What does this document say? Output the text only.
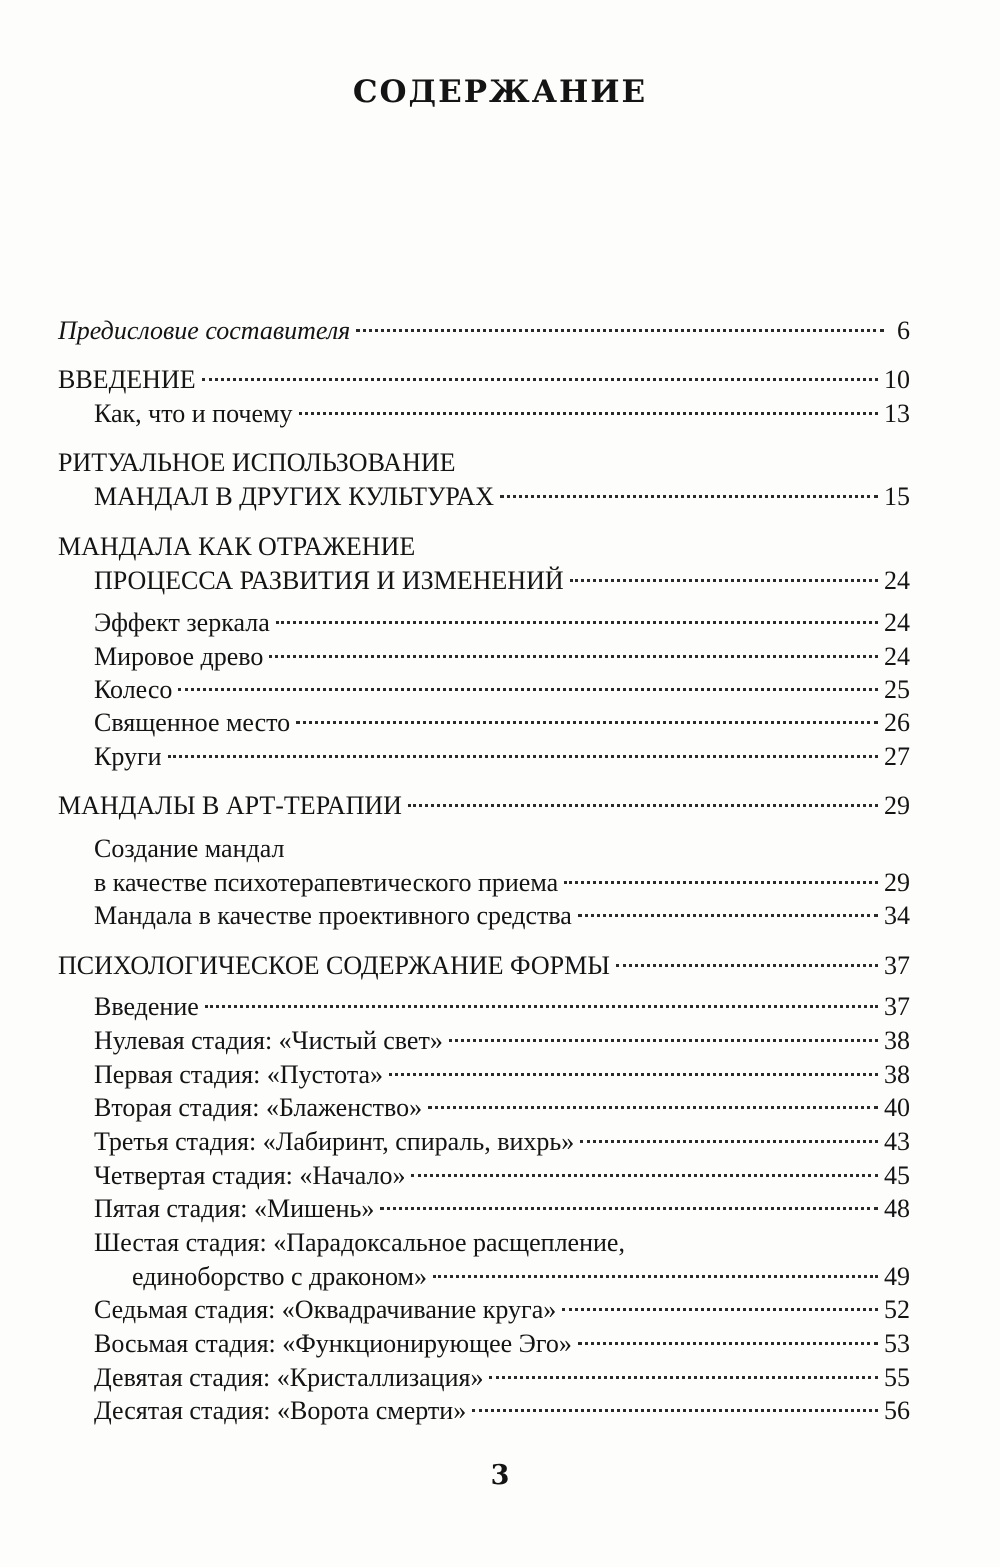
СОДЕРЖАНИЕ
Предисловие составителя	6
ВВЕДЕНИЕ	10
Как, что и почему	13
РИТУАЛЬНОЕ ИСПОЛЬЗОВАНИЕ
МАНДАЛ В ДРУГИХ КУЛЬТУРАХ	15
МАНДАЛА КАК ОТРАЖЕНИЕ
ПРОЦЕССА РАЗВИТИЯ И ИЗМЕНЕНИЙ	24
Эффект зеркала	24
Мировое древо	24
Колесо	25
Священное место	26
Круги	27
МАНДАЛЫ В АРТ-ТЕРАПИИ	29
Создание мандал
в качестве психотерапевтического приема	29
Мандала в качестве проективного средства	34
ПСИХОЛОГИЧЕСКОЕ СОДЕРЖАНИЕ ФОРМЫ	37
Введение	37
Нулевая стадия: «Чистый свет»	38
Первая стадия: «Пустота»	38
Вторая стадия: «Блаженство»	40
Третья стадия: «Лабиринт, спираль, вихрь»	43
Четвертая стадия: «Начало»	45
Пятая стадия: «Мишень»	48
Шестая стадия: «Парадоксальное расщепление,
единоборство с драконом»	49
Седьмая стадия: «Оквадрачивание круга»	52
Восьмая стадия: «Функционирующее Эго»	53
Девятая стадия: «Кристаллизация»	55
Десятая стадия: «Ворота смерти»	56
3
